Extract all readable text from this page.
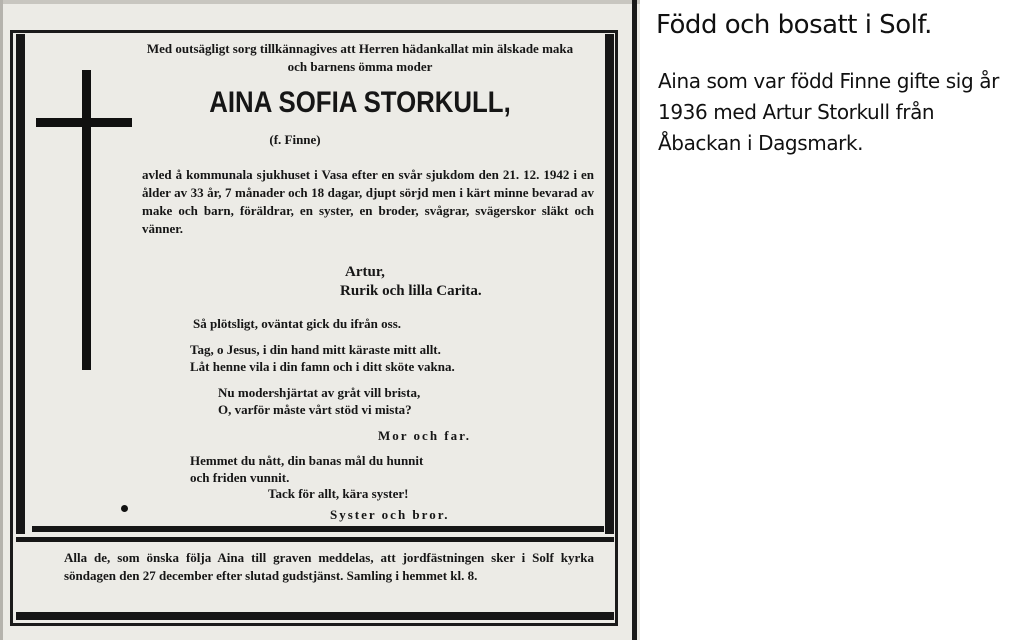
Med outsägligt sorg tillkännagives att Herren hädankallat min älskade maka och barnens ömma moder
AINA SOFIA STORKULL,
(f. Finne)
avled å kommunala sjukhuset i Vasa efter en svår sjukdom den 21. 12. 1942 i en ålder av 33 år, 7 månader och 18 dagar, djupt sörjd men i kärt minne bevarad av make och barn, föräldrar, en syster, en broder, svågrar, svägerskor släkt och vänner.
Artur,
Rurik och lilla Carita.
Så plötsligt, oväntat gick du ifrån oss.
Tag, o Jesus, i din hand mitt käraste mitt allt.
Låt henne vila i din famn och i ditt sköte vakna.
Nu modershjärtat av gråt vill brista,
O, varför måste vårt stöd vi mista?
Mor och far.
Hemmet du nått, din banas mål du hunnit
och friden vunnit.
Tack för allt, kära syster!
Syster och bror.
Alla de, som önska följa Aina till graven meddelas, att jordfästningen sker i Solf kyrka söndagen den 27 december efter slutad gudstjänst. Samling i hemmet kl. 8.
Född och bosatt i Solf.
Aina som var född Finne gifte sig år 1936 med Artur Storkull från Åbackan i Dagsmark.
